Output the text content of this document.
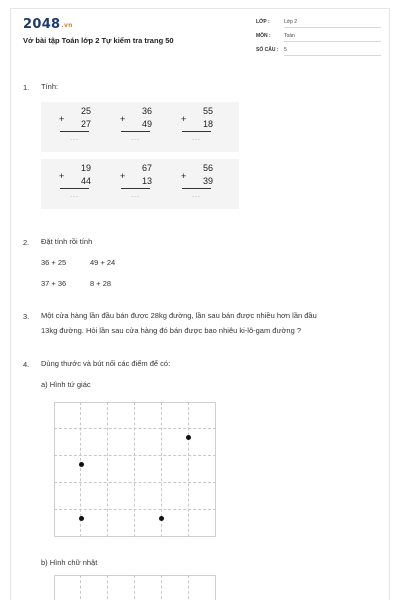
2048.vn
Vở bài tập Toán lớp 2 Tự kiểm tra trang 50
LỚP :	Lớp 2
MÔN :	Toán
SỐ CÂU : 5
1. Tính:
25
+ 27
...
36
+ 49
...
55
+ 18
...
19
+ 44
...
67
+ 13
...
56
+ 39
...
2. Đặt tính rồi tính
36 + 25	49 + 24
37 + 36	8 + 28
3. Một cửa hàng lần đầu bán được 28kg đường, lần sau bán được nhiều hơn lần đầu
13kg đường. Hỏi lần sau cửa hàng đó bán được bao nhiêu ki-lô-gam đường ?
4. Dùng thước và bút nối các điểm để có:
a) Hình tứ giác
b) Hình chữ nhật
